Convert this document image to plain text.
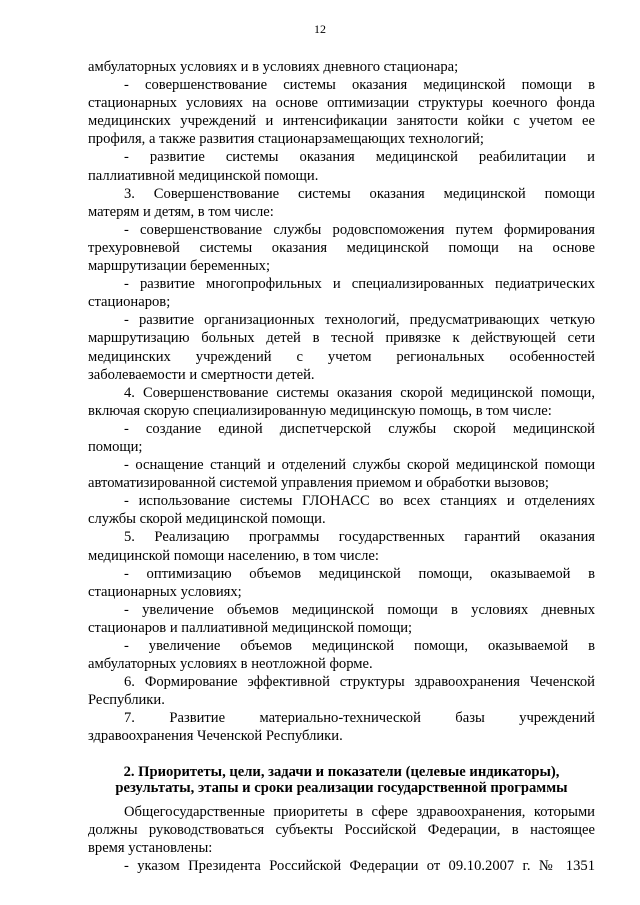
12
амбулаторных условиях и в условиях дневного стационара;
- совершенствование системы оказания медицинской помощи в
стационарных условиях на основе оптимизации структуры коечного фонда
медицинских учреждений и интенсификации занятости койки с учетом ее
профиля, а также развития стационарзамещающих технологий;
- развитие системы оказания медицинской реабилитации и
паллиативной медицинской помощи.
3. Совершенствование системы оказания медицинской помощи
матерям и детям, в том числе:
- совершенствование службы родовспоможения путем формирования
трехуровневой системы оказания медицинской помощи на основе
маршрутизации беременных;
- развитие многопрофильных и специализированных педиатрических
стационаров;
- развитие организационных технологий, предусматривающих четкую
маршрутизацию больных детей в тесной привязке к действующей сети
медицинских учреждений с учетом региональных особенностей
заболеваемости и смертности детей.
4. Совершенствование системы оказания скорой медицинской помощи,
включая скорую специализированную медицинскую помощь, в том числе:
- создание единой диспетчерской службы скорой медицинской
помощи;
- оснащение станций и отделений службы скорой медицинской помощи
автоматизированной системой управления приемом и обработки вызовов;
- использование системы ГЛОНАСС во всех станциях и отделениях
службы скорой медицинской помощи.
5. Реализацию программы государственных гарантий оказания
медицинской помощи населению, в том числе:
- оптимизацию объемов медицинской помощи, оказываемой в
стационарных условиях;
- увеличение объемов медицинской помощи в условиях дневных
стационаров и паллиативной медицинской помощи;
- увеличение объемов медицинской помощи, оказываемой в
амбулаторных условиях в неотложной форме.
6. Формирование эффективной структуры здравоохранения Чеченской
Республики.
7. Развитие материально-технической базы учреждений
здравоохранения Чеченской Республики.
2. Приоритеты, цели, задачи и показатели (целевые индикаторы),
результаты, этапы и сроки реализации государственной программы
Общегосударственные приоритеты в сфере здравоохранения, которыми
должны руководствоваться субъекты Российской Федерации, в настоящее
время установлены:
- указом Президента Российской Федерации от 09.10.2007 г. № 1351
